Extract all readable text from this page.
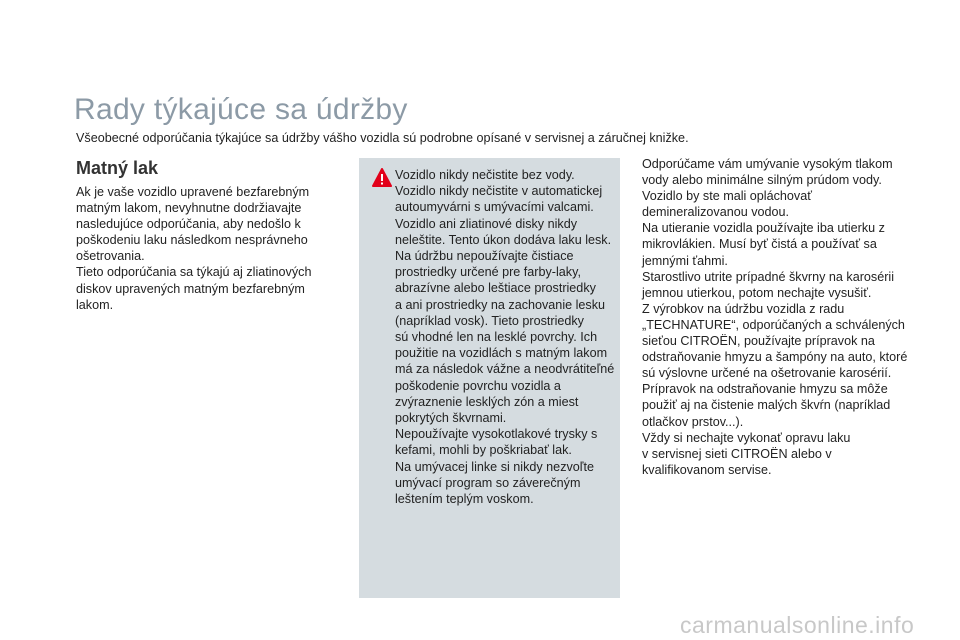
Rady týkajúce sa údržby
Všeobecné odporúčania týkajúce sa údržby vášho vozidla sú podrobne opísané v servisnej a záručnej knižke.
Matný lak

Ak je vaše vozidlo upravené bezfarebným

matným lakom, nevyhnutne dodržiavajte

nasledujúce odporúčania, aby nedošlo k

poškodeniu laku následkom nesprávneho

ošetrovania.

Tieto odporúčania sa týkajú aj zliatinových

diskov upravených matným bezfarebným

lakom.

Vozidlo nikdy nečistite bez vody.

Vozidlo nikdy nečistite v automatickej

autoumyvárni s umývacími valcami.

Vozidlo ani zliatinové disky nikdy

neleštite. Tento úkon dodáva laku lesk.

Na údržbu nepoužívajte čistiace

prostriedky určené pre farby-laky,

abrazívne alebo leštiace prostriedky

a ani prostriedky na zachovanie lesku

(napríklad vosk). Tieto prostriedky

sú vhodné len na lesklé povrchy. Ich

použitie na vozidlách s matným lakom

má za následok vážne a neodvrátiteľné

poškodenie povrchu vozidla a

zvýraznenie lesklých zón a miest

pokrytých škvrnami.

Nepoužívajte vysokotlakové trysky s

kefami, mohli by poškriabať lak.

Na umývacej linke si nikdy nezvoľte

umývací program so záverečným

leštením teplým voskom.

Odporúčame vám umývanie vysokým tlakom

vody alebo minimálne silným prúdom vody.

Vozidlo by ste mali opláchovať

demineralizovanou vodou.

Na utieranie vozidla používajte iba utierku z

mikrovlákien. Musí byť čistá a používať sa

jemnými ťahmi.

Starostlivo utrite prípadné škvrny na karosérii

jemnou utierkou, potom nechajte vysušiť.

Z výrobkov na údržbu vozidla z radu

„TECHNATURE“, odporúčaných a schválených

sieťou CITROËN, používajte prípravok na

odstraňovanie hmyzu a šampóny na auto, ktoré

sú výslovne určené na ošetrovanie karosérií.

Prípravok na odstraňovanie hmyzu sa môže

použiť aj na čistenie malých škvŕn (napríklad

otlačkov prstov...).

Vždy si nechajte vykonať opravu laku

v servisnej sieti CITROËN alebo v

kvalifikovanom servise.

carmanualsonline.info
